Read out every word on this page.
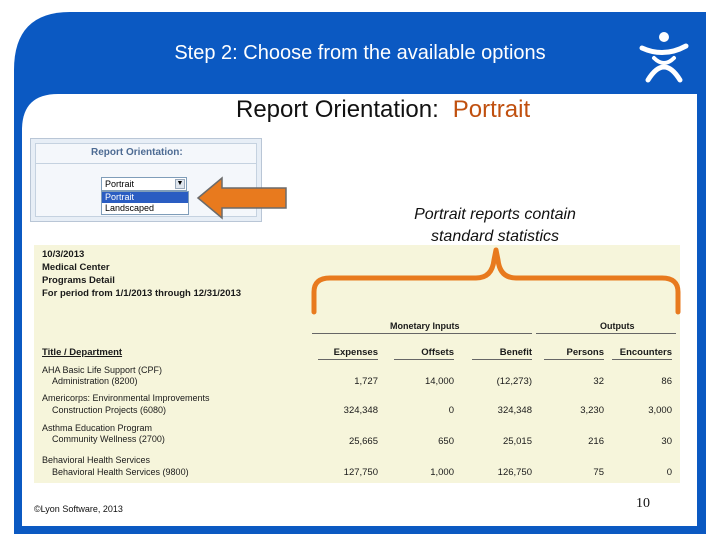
Step 2: Choose from the available options
Report Orientation: Portrait
Report Orientation:
Portrait	▼
Portrait
Landscaped	Portrait reports contain
standard statistics
10/3/2013
Medical Center
Programs Detail
For period from 1/1/2013 through 12/31/2013
Monetary Inputs	Outputs
Title / Department	Expenses	Offsets	Benefit	Persons	Encounters
AHA Basic Life Support (CPF)
Administration (8200)	1,727	14,000	(12,273)	32	86
Americorps: Environmental Improvements
Construction Projects (6080)	324,348	0	324,348	3,230	3,000
Asthma Education Program
Community Wellness (2700)	25,665	650	25,015	216	30
Behavioral Health Services
Behavioral Health Services (9800)	127,750	1,000	126,750	75	0
©Lyon Software, 2013	10
